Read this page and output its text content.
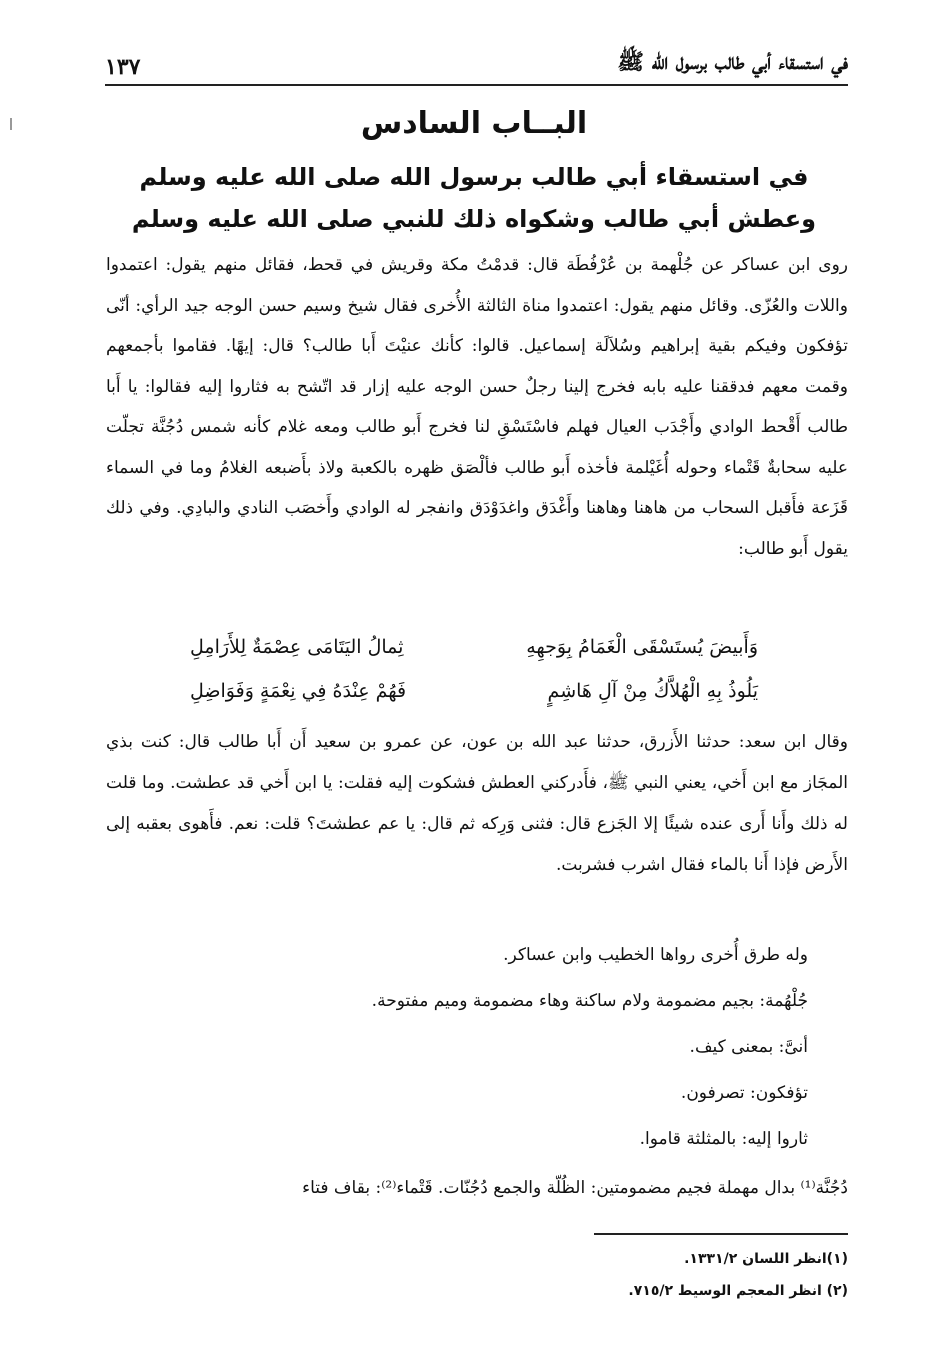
في استسقاء أبي طالب برسول الله ﷺ
١٣٧
البــاب السادس
في استسقاء أبي طالب برسول الله صلى الله عليه وسلم
وعطش أبي طالب وشكواه ذلك للنبي صلى الله عليه وسلم

روى ابن عساكر عن جُلْهمة بن عُرْفُطَة قال: قدمْتُ مكة وقريش في قحط، فقائل منهم يقول: اعتمدوا واللات والعُزّى. وقائل منهم يقول: اعتمدوا مناة الثالثة الأُخرى فقال شيخ وسيم حسن الوجه جيد الرأي: أنّى تؤفكون وفيكم بقية إبراهيم وسُلاَلَة إسماعيل. قالوا: كأنك عنيْتَ أَبا طالب؟ قال: إيهًا. فقاموا بأجمعهم وقمت معهم فدققنا عليه بابه فخرج إلينا رجلٌ حسن الوجه عليه إزار قد اتّشح به فثاروا إليه فقالوا: يا أَبا طالب أَقْحط الوادي وأَجْدَب العيال فهلم فاسْتَسْقِ لنا فخرج أَبو طالب ومعه غلام كأنه شمس دُجُنَّة تجلّت عليه سحابةٌ قَتْماء وحوله أُغَيْلمة فأخذه أَبو طالب فألْصَق ظهره بالكعبة ولاذ بأَضبعه الغلامُ وما في السماء قَزَعة فأَقبل السحاب من هاهنا وهاهنا وأَغْدَق واغدَوْدَق وانفجر له الوادي وأَخصَب النادي والبادِي. وفي ذلك يقول أَبو طالب:

وَأَبيضَ يُستَسْقَى الْغَمَامُ بِوَجهِهِ
ثِمالُ اليَتَامَى عِصْمَةٌ لِلأَرَامِلِ
يَلُوذُ بِهِ الْهُلاَّكُ مِنْ آلِ هَاشِمٍ
فَهُمْ عِنْدَهُ فِي نِعْمَةٍ وَفَوَاضِلِ

وقال ابن سعد: حدثنا الأَزرق، حدثنا عبد الله بن عون، عن عمرو بن سعيد أَن أَبا طالب قال: كنت بذي المجَاز مع ابن أَخي، يعني النبي ﷺ، فأَدركني العطش فشكوت إليه فقلت: يا ابن أَخي قد عطشت. وما قلت له ذلك وأَنا أَرى عنده شيئًا إلا الجَزع قال: فثنى وَرِكه ثم قال: يا عم عطشتَ؟ قلت: نعم. فأَهوى بعقبه إلى الأَرض فإذا أَنا بالماء فقال اشرب فشربت.

وله طرق أُخرى رواها الخطيب وابن عساكر.
جُلْهُمة: بجيم مضمومة ولام ساكنة وهاء مضمومة وميم مفتوحة.
أنىَّ: بمعنى كيف.
تؤفكون: تصرفون.
ثاروا إليه: بالمثلثة قاموا.
دُجُنَّة⁽¹⁾ بدال مهملة فجيم مضمومتين: الظُلّة والجمع دُجُنّات. قَتْماء⁽²⁾: بقاف فتاء
(١)انظر اللسان ١٣٣١/٢.
(٢) انظر المعجم الوسيط ٧١٥/٢.
